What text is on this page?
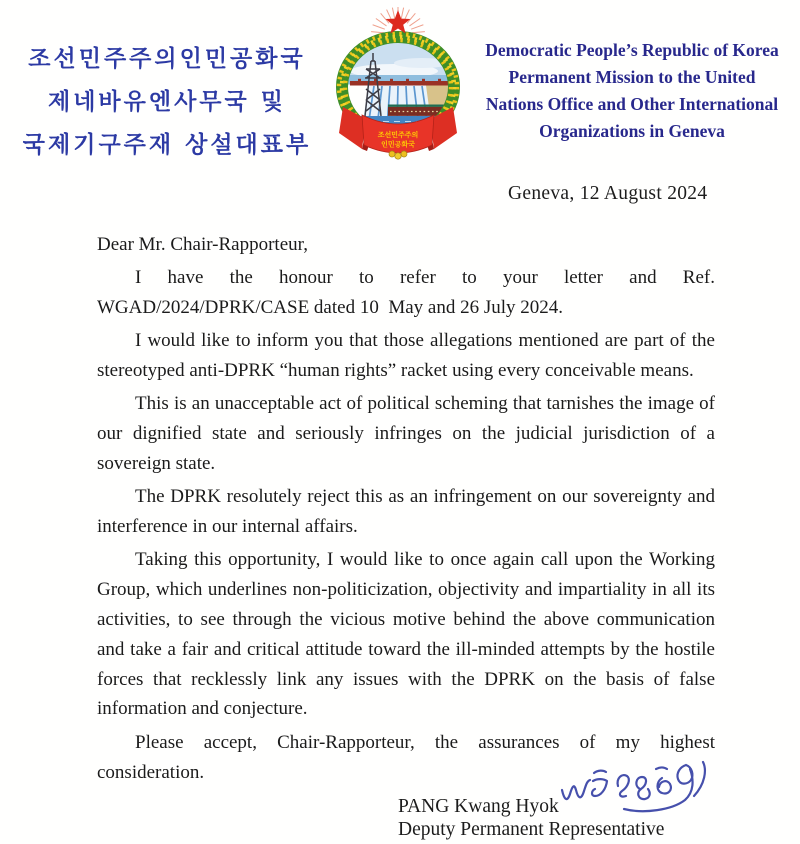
조선민주주의인민공화국
제네바유엔사무국 및
국제기구주재 상설대표부	조선민주주의
인민공화국
Democratic People’s Republic of Korea
Permanent Mission to the United
Nations Office and Other International
Organizations in Geneva
Geneva, 12 August 2024

Dear Mr. Chair-Rapporteur,

I have the honour to refer to your letter and Ref. WGAD/2024/DPRK/CASE dated 10  May and 26 July 2024.

I would like to inform you that those allegations mentioned are part of the stereotyped anti-DPRK “human rights” racket using every conceivable means.

This is an unacceptable act of political scheming that tarnishes the image of our dignified state and seriously infringes on the judicial jurisdiction of a sovereign state.

The DPRK resolutely reject this as an infringement on our sovereignty and interference in our internal affairs.

Taking this opportunity, I would like to once again call upon the Working Group, which underlines non-politicization, objectivity and impartiality in all its activities, to see through the vicious motive behind the above communication and take a fair and critical attitude toward the ill-minded attempts by the hostile forces that recklessly link any issues with the DPRK on the basis of false information and conjecture.

Please accept, Chair-Rapporteur, the assurances of my highest consideration.

PANG Kwang Hyok
Deputy Permanent Representative
